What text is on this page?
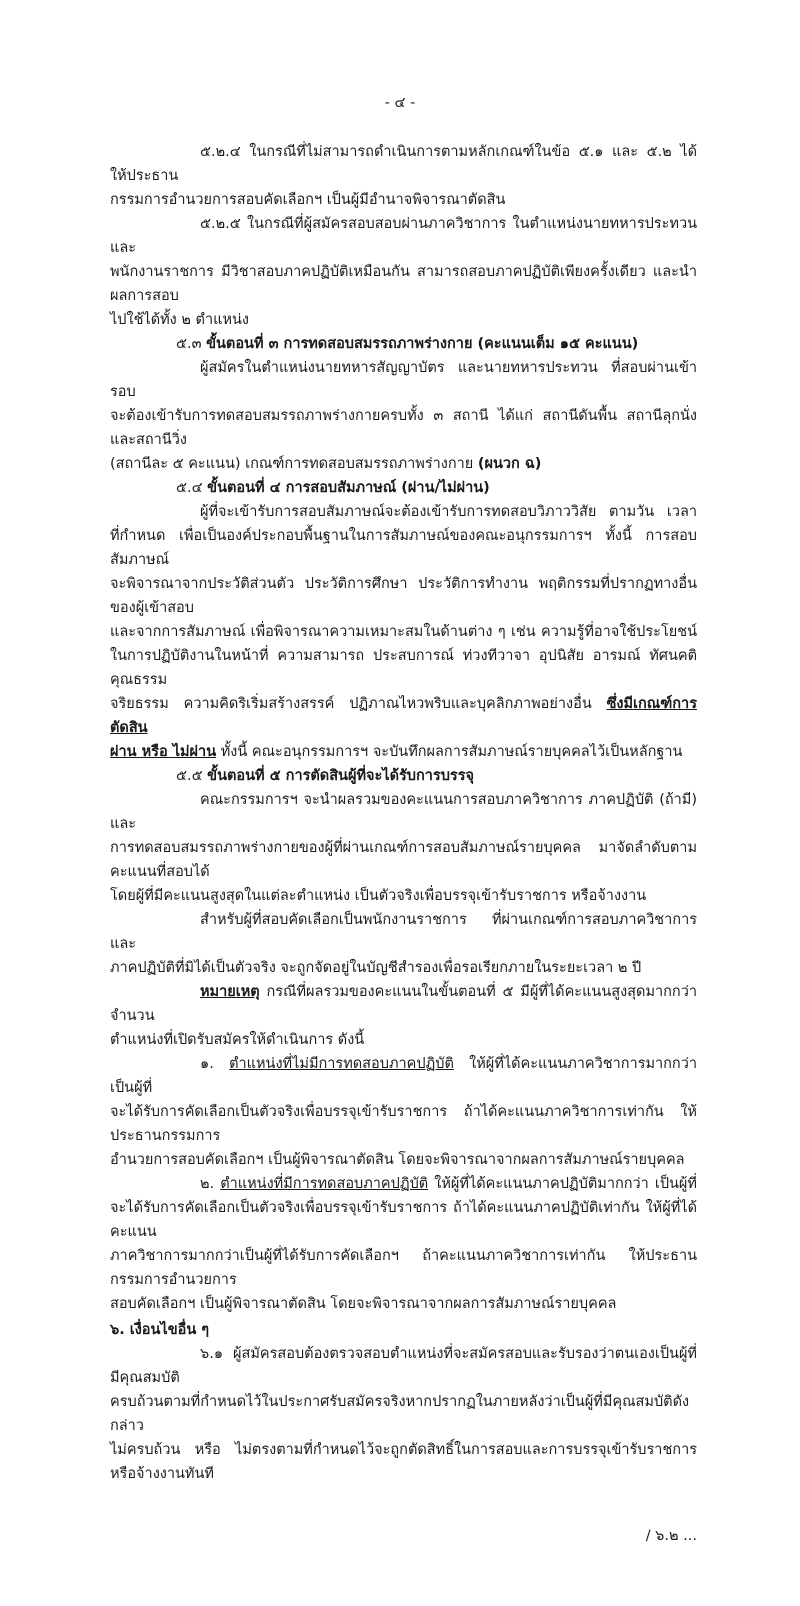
- ๔ -
๕.๒.๔ ในกรณีที่ไม่สามารถดำเนินการตามหลักเกณฑ์ในข้อ ๕.๑ และ ๕.๒ ได้ ให้ประธาน
กรรมการอำนวยการสอบคัดเลือกฯ เป็นผู้มีอำนาจพิจารณาตัดสิน
๕.๒.๕ ในกรณีที่ผู้สมัครสอบสอบผ่านภาควิชาการ ในตำแหน่งนายทหารประทวน และ
พนักงานราชการ มีวิชาสอบภาคปฏิบัติเหมือนกัน สามารถสอบภาคปฏิบัติเพียงครั้งเดียว และนำผลการสอบ
ไปใช้ได้ทั้ง ๒ ตำแหน่ง
๕.๓ ขั้นตอนที่ ๓ การทดสอบสมรรถภาพร่างกาย (คะแนนเต็ม ๑๕ คะแนน)
ผู้สมัครในตำแหน่งนายทหารสัญญาบัตร และนายทหารประทวน ที่สอบผ่านเข้ารอบ
จะต้องเข้ารับการทดสอบสมรรถภาพร่างกายครบทั้ง ๓ สถานี ได้แก่ สถานีดันพื้น สถานีลุกนั่ง และสถานีวิ่ง
(สถานีละ ๕ คะแนน) เกณฑ์การทดสอบสมรรถภาพร่างกาย (ผนวก ฉ)
๕.๔ ขั้นตอนที่ ๔ การสอบสัมภาษณ์ (ผ่าน/ไม่ผ่าน)
ผู้ที่จะเข้ารับการสอบสัมภาษณ์จะต้องเข้ารับการทดสอบวิภาววิสัย ตามวัน เวลา
ที่กำหนด เพื่อเป็นองค์ประกอบพื้นฐานในการสัมภาษณ์ของคณะอนุกรรมการฯ ทั้งนี้ การสอบสัมภาษณ์
จะพิจารณาจากประวัติส่วนตัว ประวัติการศึกษา ประวัติการทำงาน พฤติกรรมที่ปรากฏทางอื่น ของผู้เข้าสอบ
และจากการสัมภาษณ์ เพื่อพิจารณาความเหมาะสมในด้านต่าง ๆ เช่น ความรู้ที่อาจใช้ประโยชน์
ในการปฏิบัติงานในหน้าที่ ความสามารถ ประสบการณ์ ท่วงทีวาจา อุปนิสัย อารมณ์ ทัศนคติ คุณธรรม
จริยธรรม ความคิดริเริ่มสร้างสรรค์ ปฏิภาณไหวพริบและบุคลิกภาพอย่างอื่น ซึ่งมีเกณฑ์การตัดสิน
ผ่าน หรือ ไม่ผ่าน ทั้งนี้ คณะอนุกรรมการฯ จะบันทึกผลการสัมภาษณ์รายบุคคลไว้เป็นหลักฐาน
๕.๕ ขั้นตอนที่ ๕ การตัดสินผู้ที่จะได้รับการบรรจุ
คณะกรรมการฯ จะนำผลรวมของคะแนนการสอบภาควิชาการ ภาคปฏิบัติ (ถ้ามี) และ
การทดสอบสมรรถภาพร่างกายของผู้ที่ผ่านเกณฑ์การสอบสัมภาษณ์รายบุคคล มาจัดลำดับตามคะแนนที่สอบได้
โดยผู้ที่มีคะแนนสูงสุดในแต่ละตำแหน่ง เป็นตัวจริงเพื่อบรรจุเข้ารับราชการ หรือจ้างงาน
สำหรับผู้ที่สอบคัดเลือกเป็นพนักงานราชการ ที่ผ่านเกณฑ์การสอบภาควิชาการและ
ภาคปฏิบัติที่มิได้เป็นตัวจริง จะถูกจัดอยู่ในบัญชีสำรองเพื่อรอเรียกภายในระยะเวลา ๒ ปี
หมายเหตุ กรณีที่ผลรวมของคะแนนในขั้นตอนที่ ๕ มีผู้ที่ได้คะแนนสูงสุดมากกว่าจำนวน
ตำแหน่งที่เปิดรับสมัครให้ดำเนินการ ดังนี้
๑. ตำแหน่งที่ไม่มีการทดสอบภาคปฏิบัติ ให้ผู้ที่ได้คะแนนภาควิชาการมากกว่า เป็นผู้ที่
จะได้รับการคัดเลือกเป็นตัวจริงเพื่อบรรจุเข้ารับราชการ ถ้าได้คะแนนภาควิชาการเท่ากัน ให้ประธานกรรมการ
อำนวยการสอบคัดเลือกฯ เป็นผู้พิจารณาตัดสิน โดยจะพิจารณาจากผลการสัมภาษณ์รายบุคคล
๒. ตำแหน่งที่มีการทดสอบภาคปฏิบัติ ให้ผู้ที่ได้คะแนนภาคปฏิบัติมากกว่า เป็นผู้ที่
จะได้รับการคัดเลือกเป็นตัวจริงเพื่อบรรจุเข้ารับราชการ ถ้าได้คะแนนภาคปฏิบัติเท่ากัน ให้ผู้ที่ได้คะแนน
ภาควิชาการมากกว่าเป็นผู้ที่ได้รับการคัดเลือกฯ ถ้าคะแนนภาควิชาการเท่ากัน ให้ประธานกรรมการอำนวยการ
สอบคัดเลือกฯ เป็นผู้พิจารณาตัดสิน โดยจะพิจารณาจากผลการสัมภาษณ์รายบุคคล
๖. เงื่อนไขอื่น ๆ
๖.๑ ผู้สมัครสอบต้องตรวจสอบตำแหน่งที่จะสมัครสอบและรับรองว่าตนเองเป็นผู้ที่มีคุณสมบัติ
ครบถ้วนตามที่กำหนดไว้ในประกาศรับสมัครจริงหากปรากฏในภายหลังว่าเป็นผู้ที่มีคุณสมบัติดังกล่าว
ไม่ครบถ้วน หรือ ไม่ตรงตามที่กำหนดไว้จะถูกตัดสิทธิ์ในการสอบและการบรรจุเข้ารับราชการ หรือจ้างงานทันที
/ ๖.๒ ...
